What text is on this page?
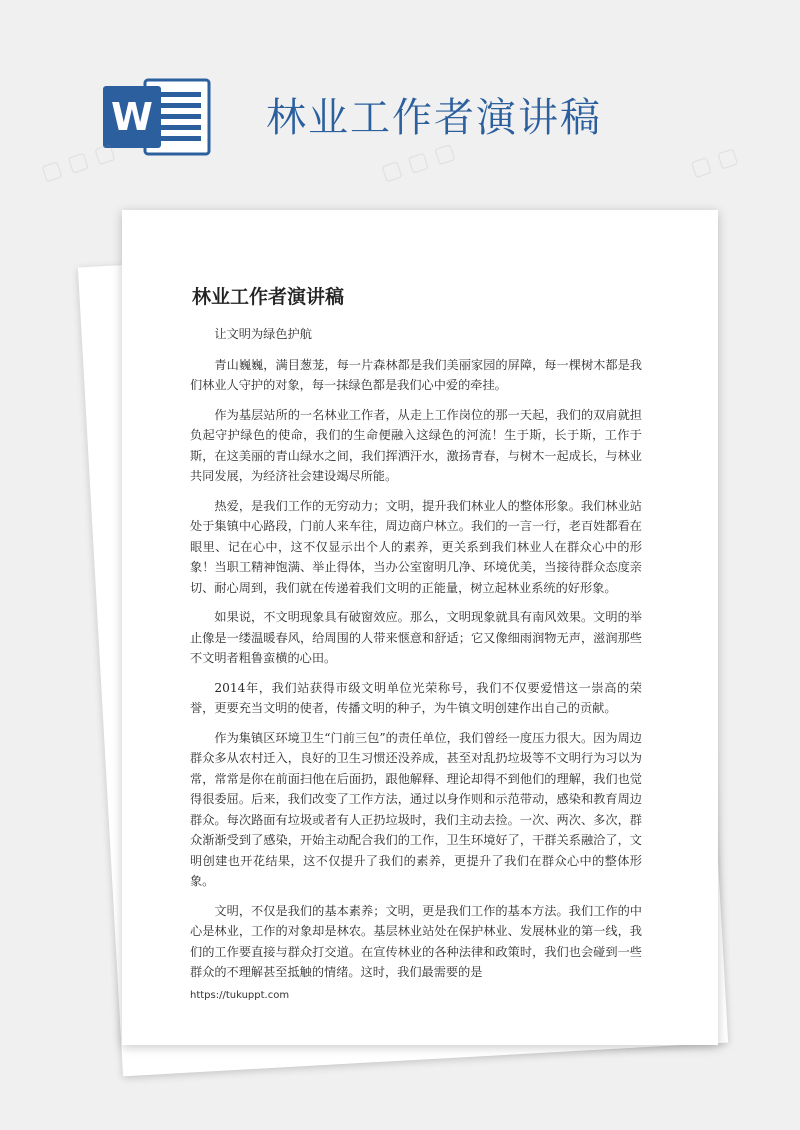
W	林业工作者演讲稿
▢ ▢ ▢	▢ ▢ ▢	▢ ▢
林业工作者演讲稿

让文明为绿色护航

青山巍巍，满目葱茏，每一片森林都是我们美丽家园的屏障，每一棵树木都是我们林业人守护的对象，每一抹绿色都是我们心中爱的牵挂。

作为基层站所的一名林业工作者，从走上工作岗位的那一天起，我们的双肩就担负起守护绿色的使命，我们的生命便融入这绿色的河流！生于斯，长于斯，工作于斯，在这美丽的青山绿水之间，我们挥洒汗水，激扬青春，与树木一起成长，与林业共同发展，为经济社会建设竭尽所能。

热爱，是我们工作的无穷动力；文明，提升我们林业人的整体形象。我们林业站处于集镇中心路段，门前人来车往，周边商户林立。我们的一言一行，老百姓都看在眼里、记在心中，这不仅显示出个人的素养，更关系到我们林业人在群众心中的形象！当职工精神饱满、举止得体，当办公室窗明几净、环境优美，当接待群众态度亲切、耐心周到，我们就在传递着我们文明的正能量，树立起林业系统的好形象。

如果说，不文明现象具有破窗效应。那么，文明现象就具有南风效果。文明的举止像是一缕温暖春风，给周围的人带来惬意和舒适；它又像细雨润物无声，滋润那些不文明者粗鲁蛮横的心田。

2014年，我们站获得市级文明单位光荣称号，我们不仅要爱惜这一崇高的荣誉，更要充当文明的使者，传播文明的种子，为牛镇文明创建作出自己的贡献。

作为集镇区环境卫生“门前三包”的责任单位，我们曾经一度压力很大。因为周边群众多从农村迁入，良好的卫生习惯还没养成，甚至对乱扔垃圾等不文明行为习以为常，常常是你在前面扫他在后面扔，跟他解释、理论却得不到他们的理解，我们也觉得很委屈。后来，我们改变了工作方法，通过以身作则和示范带动，感染和教育周边群众。每次路面有垃圾或者有人正扔垃圾时，我们主动去捡。一次、两次、多次，群众渐渐受到了感染，开始主动配合我们的工作，卫生环境好了，干群关系融洽了，文明创建也开花结果，这不仅提升了我们的素养，更提升了我们在群众心中的整体形象。

文明，不仅是我们的基本素养；文明，更是我们工作的基本方法。我们工作的中心是林业，工作的对象却是林农。基层林业站处在保护林业、发展林业的第一线，我们的工作要直接与群众打交道。在宣传林业的各种法律和政策时，我们也会碰到一些群众的不理解甚至抵触的情绪。这时，我们最需要的是

https://tukuppt.com
